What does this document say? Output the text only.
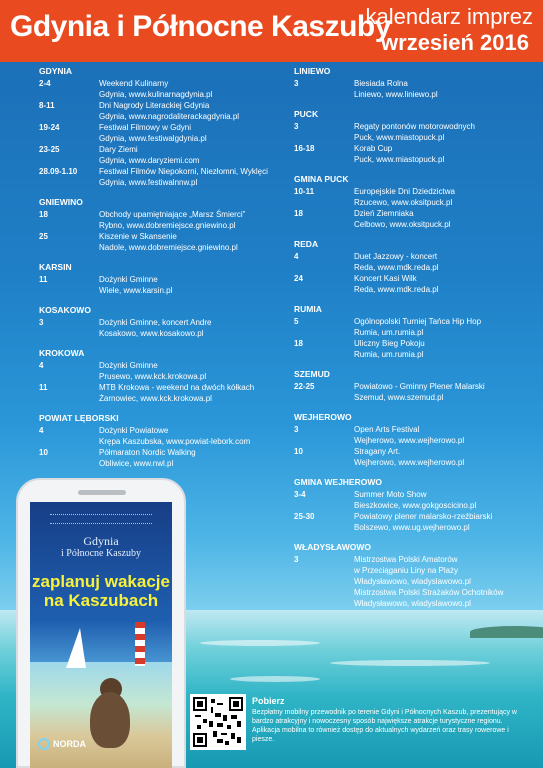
Gdynia i Północne Kaszuby
kalendarz imprez
wrzesień 2016
GDYNIA
2-4	Weekend Kulinarny
Gdynia, www.kulinarnagdynia.pl
8-11	Dni Nagrody Literackiej Gdynia
Gdynia, www.nagrodaliterackagdynia.pl
19-24	Festiwal Filmowy w Gdyni
Gdynia, www.festiwalgdynia.pl
23-25	Dary Ziemi
Gdynia, www.daryziemi.com
28.09-1.10	Festiwal Filmów Niepokorni, Niezłomni, Wyklęci
Gdynia, www.festiwalnnw.pl
GNIEWINO
18	Obchody upamiętniające „Marsz Śmierci”
Rybno, www.dobremiejsce.gniewino.pl
25	Kiszenie w Skansenie
Nadole, www.dobremiejsce.gniewino.pl
KARSIN
11	Dożynki Gminne
Wiele, www.karsin.pl
KOSAKOWO
3	Dożynki Gminne, koncert Andre
Kosakowo, www.kosakowo.pl
KROKOWA
4	Dożynki Gminne
Prusewo, www.kck.krokowa.pl
11	MTB Krokowa - weekend na dwóch kółkach
Żarnowiec, www.kck.krokowa.pl
POWIAT LĘBORSKI
4	Dożynki Powiatowe
Krępa Kaszubska, www.powiat-lebork.com
10	Półmaraton Nordic Walking
Obliwice, www.nwl.pl
LINIEWO
3	Biesiada Rolna
Liniewo, www.liniewo.pl
PUCK
3	Regaty pontonów motorowodnych
Puck, www.miastopuck.pl
16-18	Korab Cup
Puck, www.miastopuck.pl
GMINA PUCK
10-11	Europejskie Dni Dziedzictwa
Rzucewo, www.oksitpuck.pl
18	Dzień Ziemniaka
Celbowo, www.oksitpuck.pl
REDA
4	Duet Jazzowy - koncert
Reda, www.mdk.reda.pl
24	Koncert Kasi Wilk
Reda, www.mdk.reda.pl
RUMIA
5	Ogólnopolski Turniej Tańca Hip Hop
Rumia, um.rumia.pl
18	Uliczny Bieg Pokoju
Rumia, um.rumia.pl
SZEMUD
22-25	Powiatowo - Gminny Plener Malarski
Szemud, www.szemud.pl
WEJHEROWO
3	Open Arts Festival
Wejherowo, www.wejherowo.pl
10	Stragany Art.
Wejherowo, www.wejherowo.pl
GMINA WEJHEROWO
3-4	Summer Moto Show
Bieszkowice, www.gokgoscicino.pl
25-30	Powiatowy plener malarsko-rzeźbiarski
Bolszewo, www.ug.wejherowo.pl
WŁADYSŁAWOWO
3	Mistrzostwa Polski Amatorów
w Przeciąganiu Liny na Plaży
Władysławowo, wladyslawowo.pl
Mistrzostwa Polski Strażaków Ochotników
Władysławowo, wladyslawowo.pl
Gdynia
i Północne Kaszuby
zaplanuj wakacje na Kaszubach
NORDA
Pobierz
Bezpłatny mobilny przewodnik po terenie Gdyni i Północnych Kaszub, prezentujący w bardzo atrakcyjny i nowoczesny sposób największe atrakcje turystyczne regionu. Aplikacja mobilna to również dostęp do aktualnych wydarzeń oraz trasy rowerowe i piesze.
